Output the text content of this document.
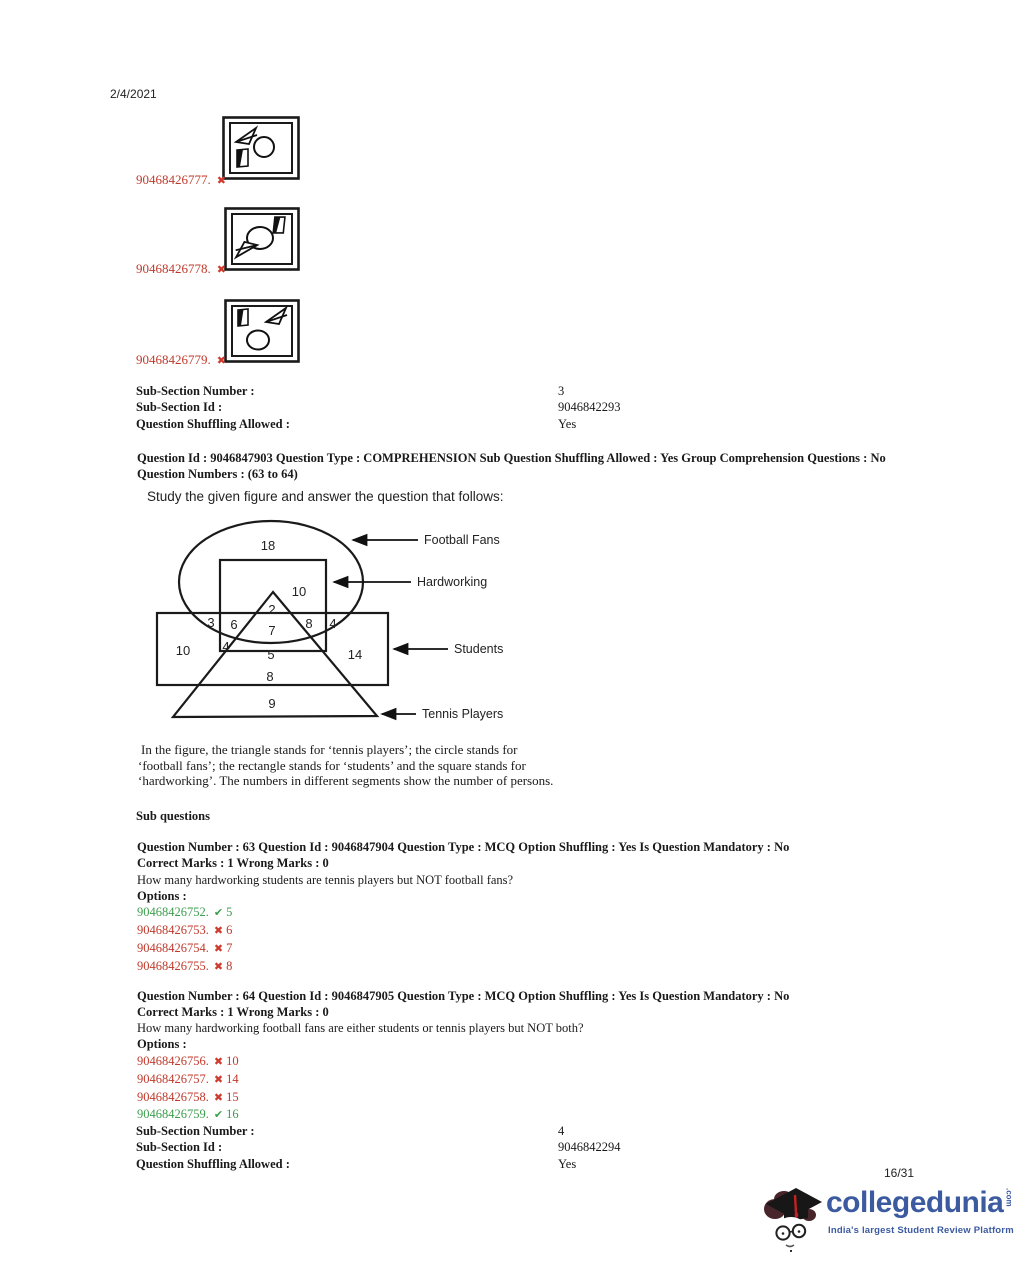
2/4/2021
90468426777. ✖
90468426778. ✖
90468426779. ✖
Sub-Section Number :	3
Sub-Section Id :	9046842293
Question Shuffling Allowed :	Yes
Question Id : 9046847903 Question Type : COMPREHENSION Sub Question Shuffling Allowed : Yes Group Comprehension Questions : No
Question Numbers : (63 to 64)
Study the given figure and answer the question that follows:
18
10
2
3 6 7 8 4
10 4
5	14
8
9
Football Fans
Hardworking
Students
Tennis Players
In the figure, the triangle stands for ‘tennis players’; the circle stands for ‘football fans’; the rectangle stands for ‘students’ and the square stands for ‘hardworking’. The numbers in different segments show the number of persons.
Sub questions
Question Number : 63 Question Id : 9046847904 Question Type : MCQ Option Shuffling : Yes Is Question Mandatory : No
Correct Marks : 1 Wrong Marks : 0
How many hardworking students are tennis players but NOT football fans?
Options :
90468426752. ✔ 5
90468426753. ✖ 6
90468426754. ✖ 7
90468426755. ✖ 8
Question Number : 64 Question Id : 9046847905 Question Type : MCQ Option Shuffling : Yes Is Question Mandatory : No
Correct Marks : 1 Wrong Marks : 0
How many hardworking football fans are either students or tennis players but NOT both?
Options :
90468426756. ✖ 10
90468426757. ✖ 14
90468426758. ✖ 15
90468426759. ✔ 16
Sub-Section Number :	4
Sub-Section Id :	9046842294
Question Shuffling Allowed :	Yes
16/31
collegedunia .com
India's largest Student Review Platform
